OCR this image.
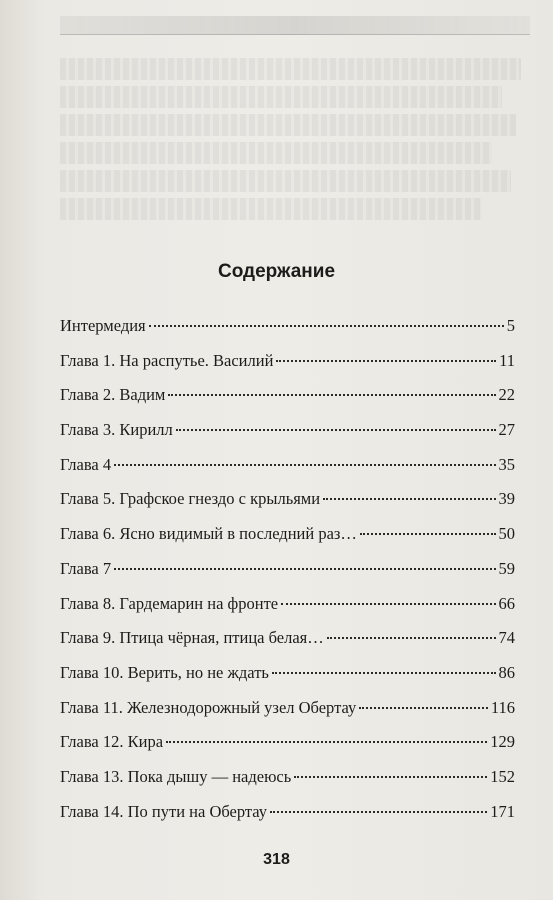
Содержание
Интермедия	5
Глава 1. На распутье. Василий	11
Глава 2. Вадим	22
Глава 3. Кирилл	27
Глава 4	35
Глава 5. Графское гнездо с крыльями	39
Глава 6. Ясно видимый в последний раз…	50
Глава 7	59
Глава 8. Гардемарин на фронте	66
Глава 9. Птица чёрная, птица белая…	74
Глава 10. Верить, но не ждать	86
Глава 11. Железнодорожный узел Обертау	116
Глава 12. Кира	129
Глава 13. Пока дышу — надеюсь	152
Глава 14. По пути на Обертау	171
318
